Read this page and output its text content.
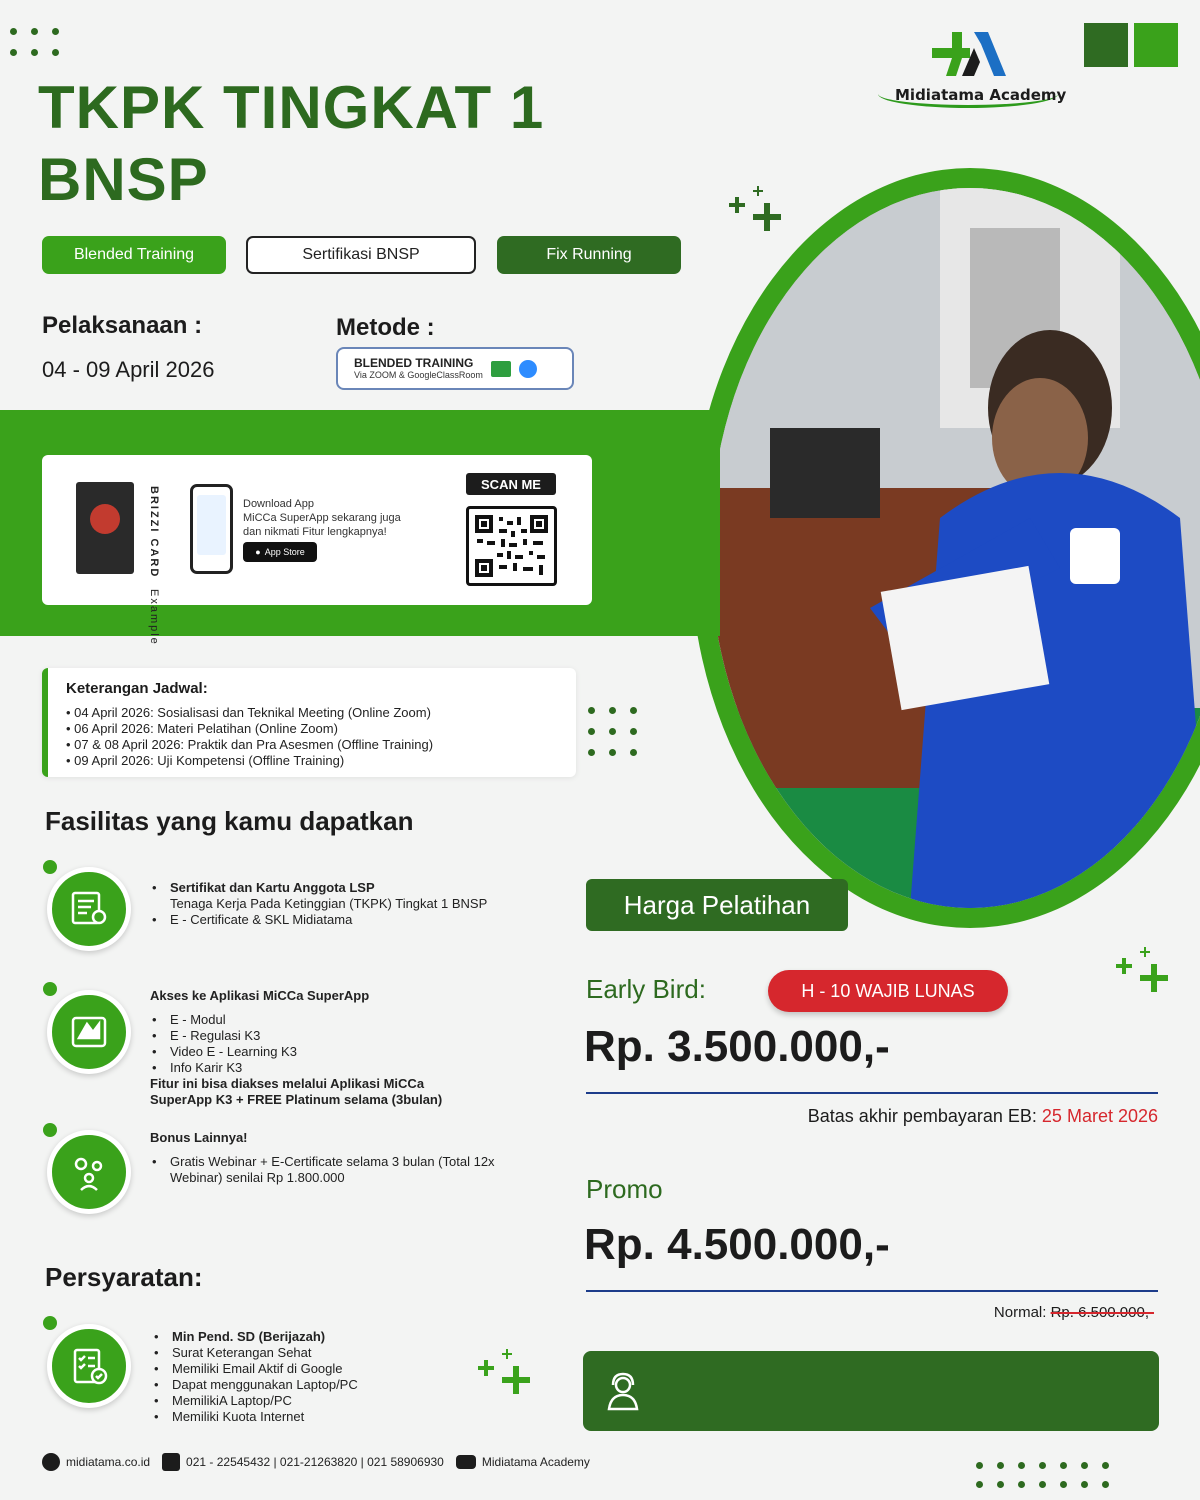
TKPK TINGKAT 1
BNSP
Midiatama Academy
Blended Training	Sertifikasi BNSP	Fix Running
Pelaksanaan :
04 - 09 April 2026
Metode :
BLENDED TRAINING
Via ZOOM & GoogleClassRoom
BRIZZI CARD Example
Download App
MiCCa SuperApp sekarang juga
dan nikmati Fitur lengkapnya!
● App Store
SCAN ME
Keterangan Jadwal:
• 04 April 2026: Sosialisasi dan Teknikal Meeting (Online Zoom)
• 06 April 2026: Materi Pelatihan (Online Zoom)
• 07 & 08 April 2026: Praktik dan Pra Asesmen (Offline Training)
• 09 April 2026: Uji Kompetensi (Offline Training)
Fasilitas yang kamu dapatkan
• Sertifikat dan Kartu Anggota LSP
Tenaga Kerja Pada Ketinggian (TKPK) Tingkat 1 BNSP
• E - Certificate & SKL Midiatama
Akses ke Aplikasi MiCCa SuperApp
• E - Modul
• E - Regulasi K3
• Video E - Learning K3
• Info Karir K3
Fitur ini bisa diakses melalui Aplikasi MiCCa
SuperApp K3 + FREE Platinum selama (3bulan)
Bonus Lainnya!
• Gratis Webinar + E-Certificate selama 3 bulan (Total 12x
Webinar) senilai Rp 1.800.000
Persyaratan:
• Min Pend. SD (Berijazah)
• Surat Keterangan Sehat
• Memiliki Email Aktif di Google
• Dapat menggunakan Laptop/PC
• MemilikiA Laptop/PC
• Memiliki Kuota Internet
Harga Pelatihan
Early Bird:	H - 10 WAJIB LUNAS
Rp. 3.500.000,-
Batas akhir pembayaran EB: 25 Maret 2026
Promo
Rp. 4.500.000,-
Normal: Rp. 6.500.000,-
midiatama.co.id	021 - 22545432 | 021-21263820 | 021 58906930	Midiatama Academy
